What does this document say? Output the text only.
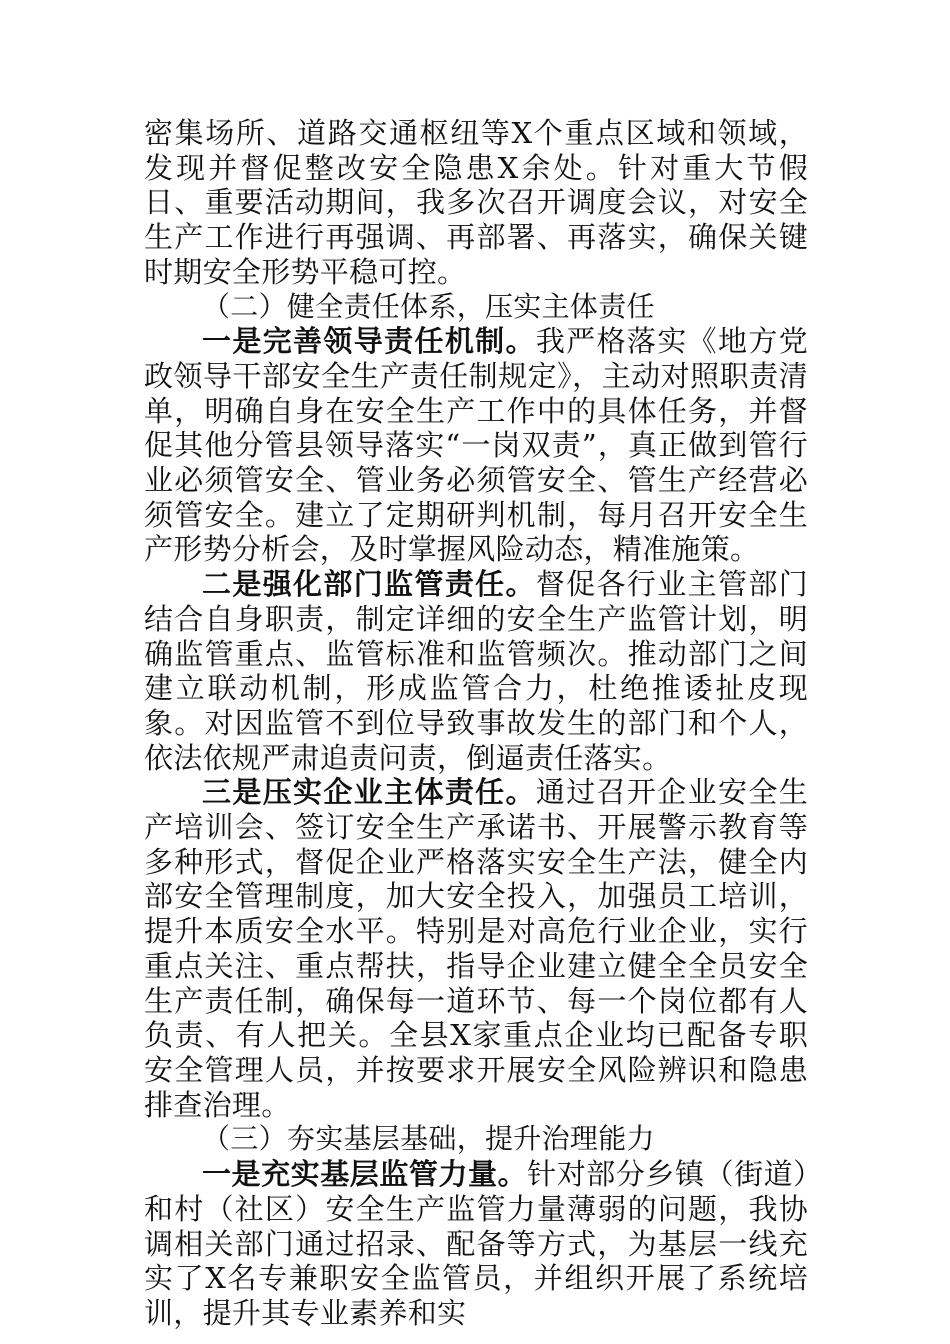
密集场所、道路交通枢纽等X个重点区域和领域，发现并督促整改安全隐患X余处。针对重大节假日、重要活动期间，我多次召开调度会议，对安全生产工作进行再强调、再部署、再落实，确保关键时期安全形势平稳可控。

（二）健全责任体系，压实主体责任

一是完善领导责任机制。我严格落实《地方党政领导干部安全生产责任制规定》，主动对照职责清单，明确自身在安全生产工作中的具体任务，并督促其他分管县领导落实“一岗双责”，真正做到管行业必须管安全、管业务必须管安全、管生产经营必须管安全。建立了定期研判机制，每月召开安全生产形势分析会，及时掌握风险动态，精准施策。

二是强化部门监管责任。督促各行业主管部门结合自身职责，制定详细的安全生产监管计划，明确监管重点、监管标准和监管频次。推动部门之间建立联动机制，形成监管合力，杜绝推诿扯皮现象。对因监管不到位导致事故发生的部门和个人，依法依规严肃追责问责，倒逼责任落实。

三是压实企业主体责任。通过召开企业安全生产培训会、签订安全生产承诺书、开展警示教育等多种形式，督促企业严格落实安全生产法，健全内部安全管理制度，加大安全投入，加强员工培训，提升本质安全水平。特别是对高危行业企业，实行重点关注、重点帮扶，指导企业建立健全全员安全生产责任制，确保每一道环节、每一个岗位都有人负责、有人把关。全县X家重点企业均已配备专职安全管理人员，并按要求开展安全风险辨识和隐患排查治理。

（三）夯实基层基础，提升治理能力

一是充实基层监管力量。针对部分乡镇（街道）和村（社区）安全生产监管力量薄弱的问题，我协调相关部门通过招录、配备等方式，为基层一线充实了X名专兼职安全监管员，并组织开展了系统培训，提升其专业素养和实
